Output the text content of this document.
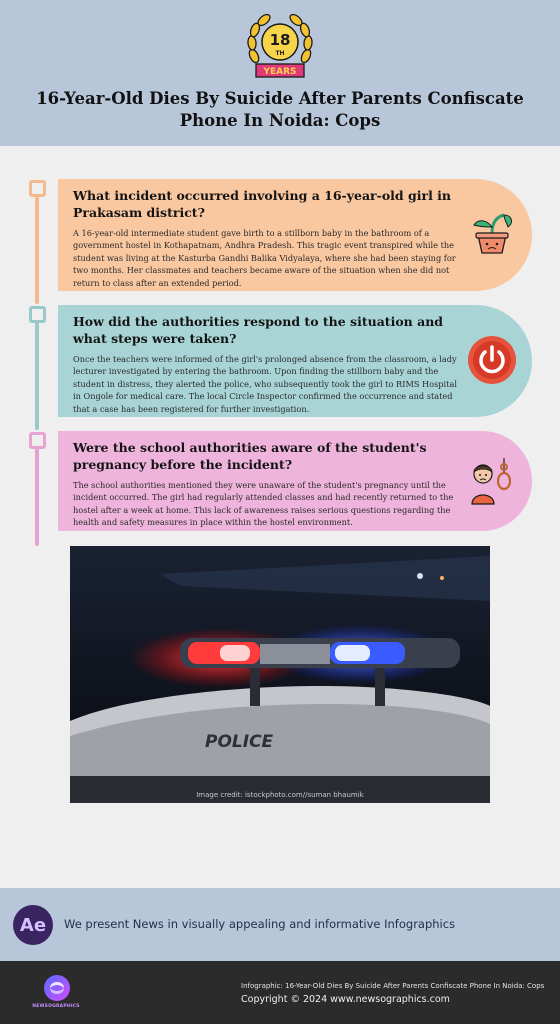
18
TH
YEARS
16-Year-Old Dies By Suicide After Parents Confiscate Phone In Noida: Cops
What incident occurred involving a 16-year-old girl in Prakasam district?
A 16-year-old intermediate student gave birth to a stillborn baby in the bathroom of a government hostel in Kothapatnam, Andhra Pradesh. This tragic event transpired while the student was living at the Kasturba Gandhi Balika Vidyalaya, where she had been staying for two months. Her classmates and teachers became aware of the situation when she did not return to class after an extended period.
How did the authorities respond to the situation and what steps were taken?
Once the teachers were informed of the girl's prolonged absence from the classroom, a lady lecturer investigated by entering the bathroom. Upon finding the stillborn baby and the student in distress, they alerted the police, who subsequently took the girl to RIMS Hospital in Ongole for medical care. The local Circle Inspector confirmed the occurrence and stated that a case has been registered for further investigation.
Were the school authorities aware of the student's pregnancy before the incident?
The school authorities mentioned they were unaware of the student's pregnancy until the incident occurred. The girl had regularly attended classes and had recently returned to the hostel after a week at home. This lack of awareness raises serious questions regarding the health and safety measures in place within the hostel environment.
POLICE
Image credit: istockphoto.com//suman bhaumik
Ae	We present News in visually appealing and informative Infographics
NEWSOGRAPHICS
Infographic: 16-Year-Old Dies By Suicide After Parents Confiscate Phone In Noida: Cops
Copyright © 2024 www.newsographics.com
